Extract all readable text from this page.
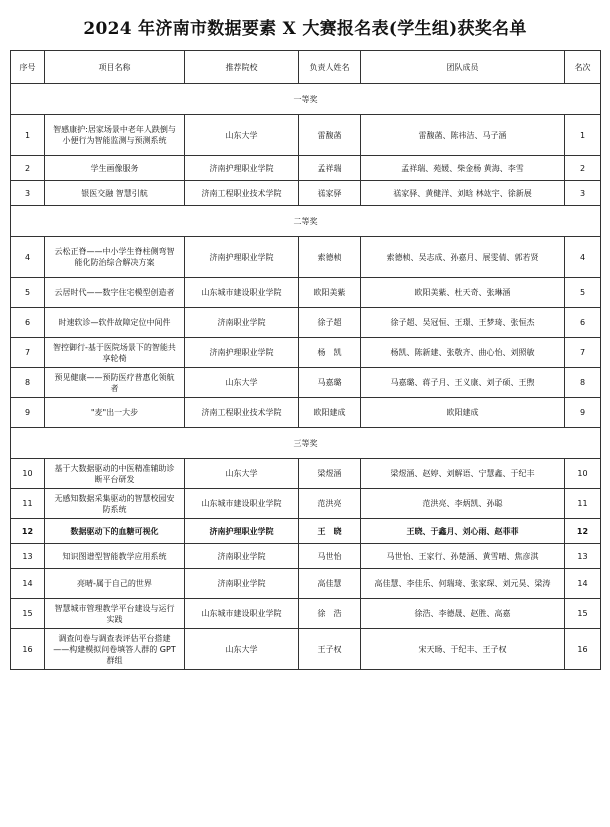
2024 年济南市数据要素 X 大赛报名表(学生组)获奖名单
序号	项目名称	推荐院校	负责人姓名	团队成员	名次
一等奖					
1	智感康护:居家场景中老年人跌倒与小便行为智能监测与预测系统	山东大学	雷馥菡	雷馥菡、陈祎洁、马子涵	1
2	学生画像服务	济南护理职业学院	孟祥瑞	孟祥瑞、苑媛、柴金杨 黄海、李雪	2
3	银医交融 智慧引航	济南工程职业技术学院	禚家驿	禚家驿、黄健洋、刘晗 林竑宇、徐新展	3
二等奖					
4	云松正脊——中小学生脊柱侧弯智能化防治综合解决方案	济南护理职业学院	索德桢	索德桢、吴志成、孙嘉月、展雯倩、郭若贤	4
5	云居时代——数字住宅模型创造者	山东城市建设职业学院	欧阳美紫	欧阳美紫、杜天奇、张琳涵	5
6	时速软诊—软件故障定位中间件	济南职业学院	徐子超	徐子超、吴冠恒、王璟、王梦琦、张恒杰	6
7	智控御行-基于医院场景下的智能共享轮椅	济南护理职业学院	杨　凯	杨凯、陈新建、张敬齐、曲心怡、刘照敏	7
8	预见健康——预防医疗普惠化领航者	山东大学	马嘉璐	马嘉璐、蒋子月、王义康、刘子硕、王煦	8
9	"麦"出一大步	济南工程职业技术学院	欧阳建成	欧阳建成	9
三等奖					
10	基于大数据驱动的中医精准辅助诊断平台研发	山东大学	梁煜涵	梁煜涵、赵婷、刘解语、宁慧鑫、于纪丰	10
11	无感知数据采集驱动的智慧校园安防系统	山东城市建设职业学院	范洪亮	范洪亮、李炳凯、孙聪	11
12	数据驱动下的血糖可视化	济南护理职业学院	王　晓	王晓、于鑫月、刘心雨、赵菲菲	12
13	知识图谱型智能教学应用系统	济南职业学院	马世怡	马世怡、王家行、孙楚涵、黄雪晴、焦彦淇	13
14	亮晴-属于自己的世界	济南职业学院	高佳慧	高佳慧、李佳乐、何瑞琦、张家琛、刘元昊、梁涛	14
15	智慧城市管理教学平台建设与运行实践	山东城市建设职业学院	徐　浩	徐浩、李德晟、赵胜、高嘉	15
16	调查问卷与调查表评估平台搭建 ——构建模拟问卷填答人群的 GPT 群组	山东大学	王子权	宋天旸、于纪丰、王子权	16
